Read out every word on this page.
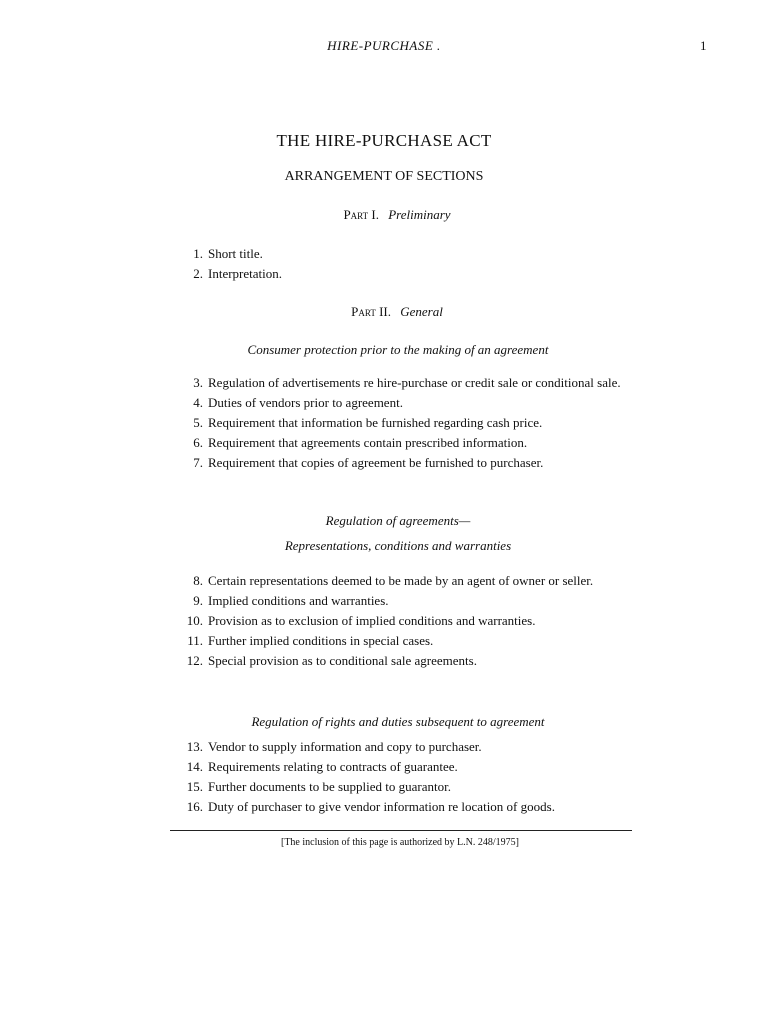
HIRE-PURCHASE .	1
THE HIRE-PURCHASE ACT
ARRANGEMENT OF SECTIONS
Part I. Preliminary
1. Short title.
2. Interpretation.
Part II. General
Consumer protection prior to the making of an agreement
3. Regulation of advertisements re hire-purchase or credit sale or conditional sale.
4. Duties of vendors prior to agreement.
5. Requirement that information be furnished regarding cash price.
6. Requirement that agreements contain prescribed information.
7. Requirement that copies of agreement be furnished to purchaser.
Regulation of agreements—
Representations, conditions and warranties
8. Certain representations deemed to be made by an agent of owner or seller.
9. Implied conditions and warranties.
10. Provision as to exclusion of implied conditions and warranties.
11. Further implied conditions in special cases.
12. Special provision as to conditional sale agreements.
Regulation of rights and duties subsequent to agreement
13. Vendor to supply information and copy to purchaser.
14. Requirements relating to contracts of guarantee.
15. Further documents to be supplied to guarantor.
16. Duty of purchaser to give vendor information re location of goods.
[The inclusion of this page is authorized by L.N. 248/1975]
